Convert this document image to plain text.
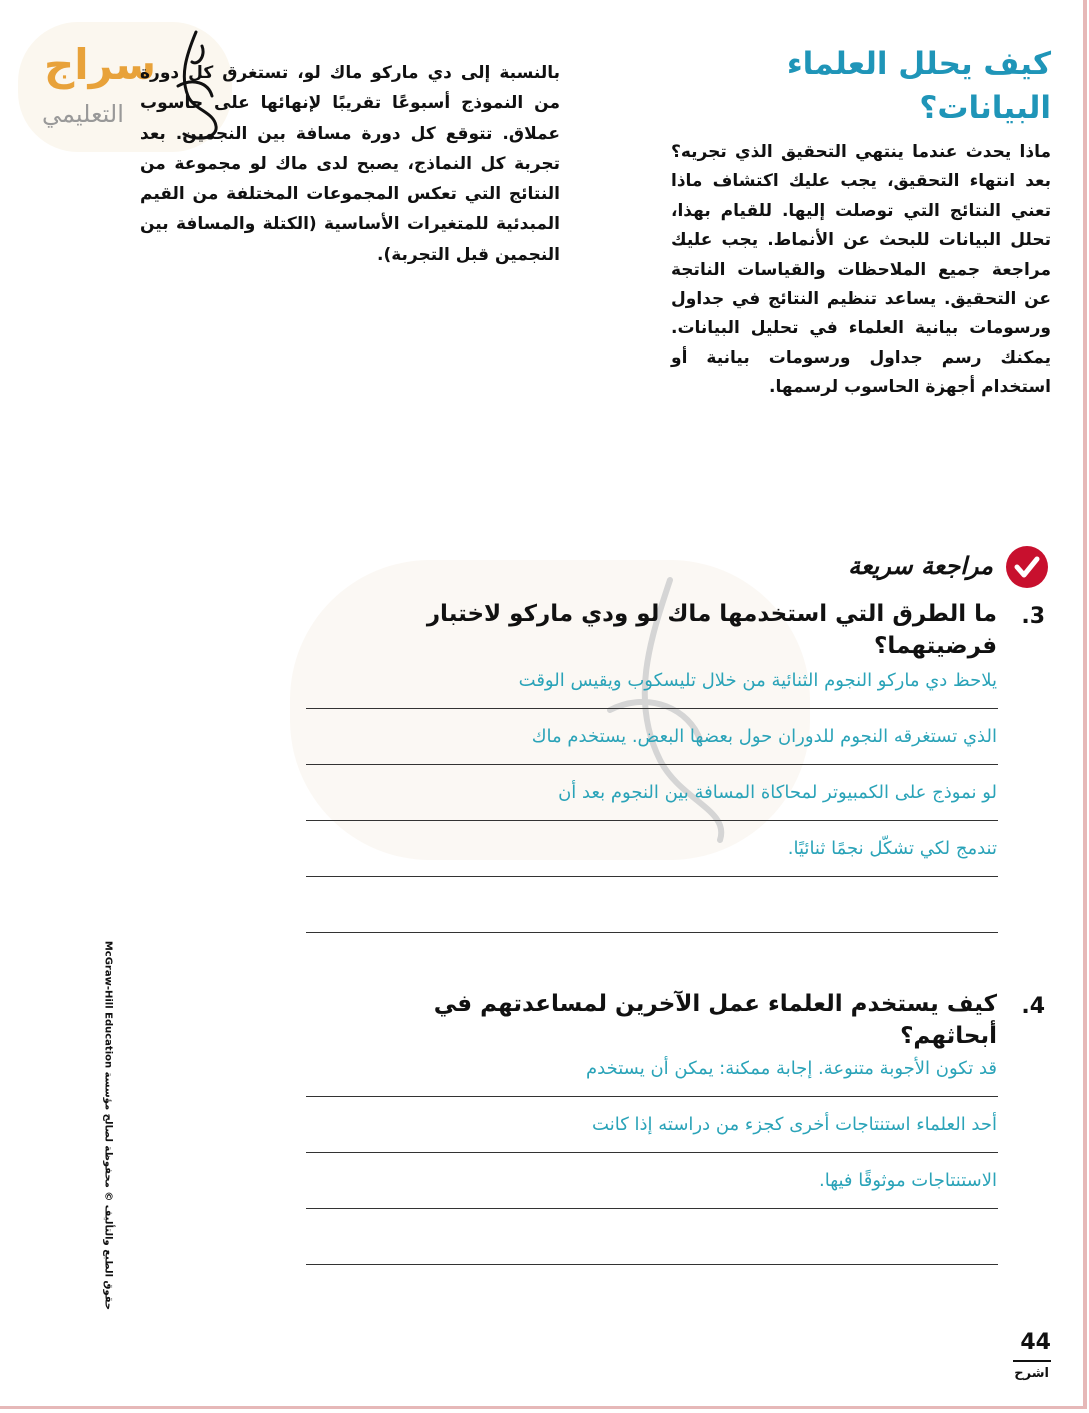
سراج
التعليمي
كيف يحلل العلماء البيانات؟
بالنسبة إلى دي ماركو ماك لو، تستغرق كل دورة من النموذج أسبوعًا تقريبًا لإنهائها على حاسوب عملاق. تتوقع كل دورة مسافة بين النجمين. بعد تجربة كل النماذج، يصبح لدى ماك لو مجموعة من النتائج التي تعكس المجموعات المختلفة من القيم المبدئية للمتغيرات الأساسية (الكتلة والمسافة بين النجمين قبل التجربة).
ماذا يحدث عندما ينتهي التحقيق الذي تجريه؟ بعد انتهاء التحقيق، يجب عليك اكتشاف ماذا تعني النتائج التي توصلت إليها. للقيام بهذا، تحلل البيانات للبحث عن الأنماط. يجب عليك مراجعة جميع الملاحظات والقياسات الناتجة عن التحقيق. يساعد تنظيم النتائج في جداول ورسومات بيانية العلماء في تحليل البيانات. يمكنك رسم جداول ورسومات بيانية أو استخدام أجهزة الحاسوب لرسمها.
مراجعة سريعة
3.
ما الطرق التي استخدمها ماك لو ودي ماركو لاختبار فرضيتهما؟
يلاحظ دي ماركو النجوم الثنائية من خلال تليسكوب ويقيس الوقت
الذي تستغرقه النجوم للدوران حول بعضها البعض. يستخدم ماك
لو نموذج على الكمبيوتر لمحاكاة المسافة بين النجوم بعد أن
تندمج لكي تشكّل نجمًا ثنائيًا.
4.
كيف يستخدم العلماء عمل الآخرين لمساعدتهم في أبحاثهم؟
قد تكون الأجوبة متنوعة. إجابة ممكنة: يمكن أن يستخدم
أحد العلماء استنتاجات أخرى كجزء من دراسته إذا كانت
الاستنتاجات موثوقًا فيها.
حقوق الطبع والتأليف © محفوظة لصالح مؤسسة McGraw-Hill Education
44
اشرح
